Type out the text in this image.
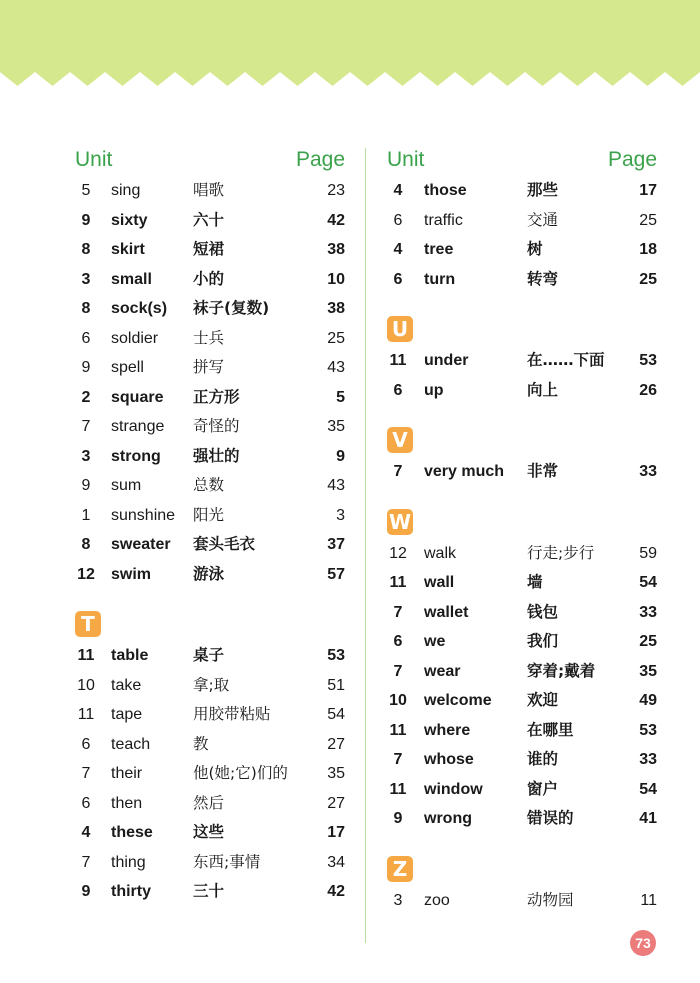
Unit	Page
5	sing	唱歌	23
9	sixty	六十	42
8	skirt	短裙	38
3	small	小的	10
8	sock(s) 袜子(复数)	38
6	soldier 士兵	25
9	spell	拼写	43
2	square 正方形	5
7	strange 奇怪的	35
3	strong 强壮的	9
9	sum	总数	43
1	sunshine 阳光	3
8	sweater 套头毛衣	37
12 swim	游泳	57
T
11 table	桌子	53
10 take	拿;取	51
11 tape	用胶带粘贴	54
6	teach	教	27
7	their	他(她;它)们的 35
6	then	然后	27
4	these	这些	17
7	thing	东西;事情	34
9	thirty	三十	42
Unit	Page
4	those	那些	17
6	traffic	交通	25
4	tree	树	18
6	turn	转弯	25
U
11 under	在……下面 53
6	up	向上	26
V
7	very much 非常	33
W
12 walk	行走;步行	59
11 wall	墙	54
7	wallet	钱包	33
6	we	我们	25
7	wear	穿着;戴着	35
10 welcome 欢迎	49
11 where	在哪里	53
7	whose	谁的	33
11 window	窗户	54
9	wrong	错误的	41
Z
3	zoo	动物园	11
73
